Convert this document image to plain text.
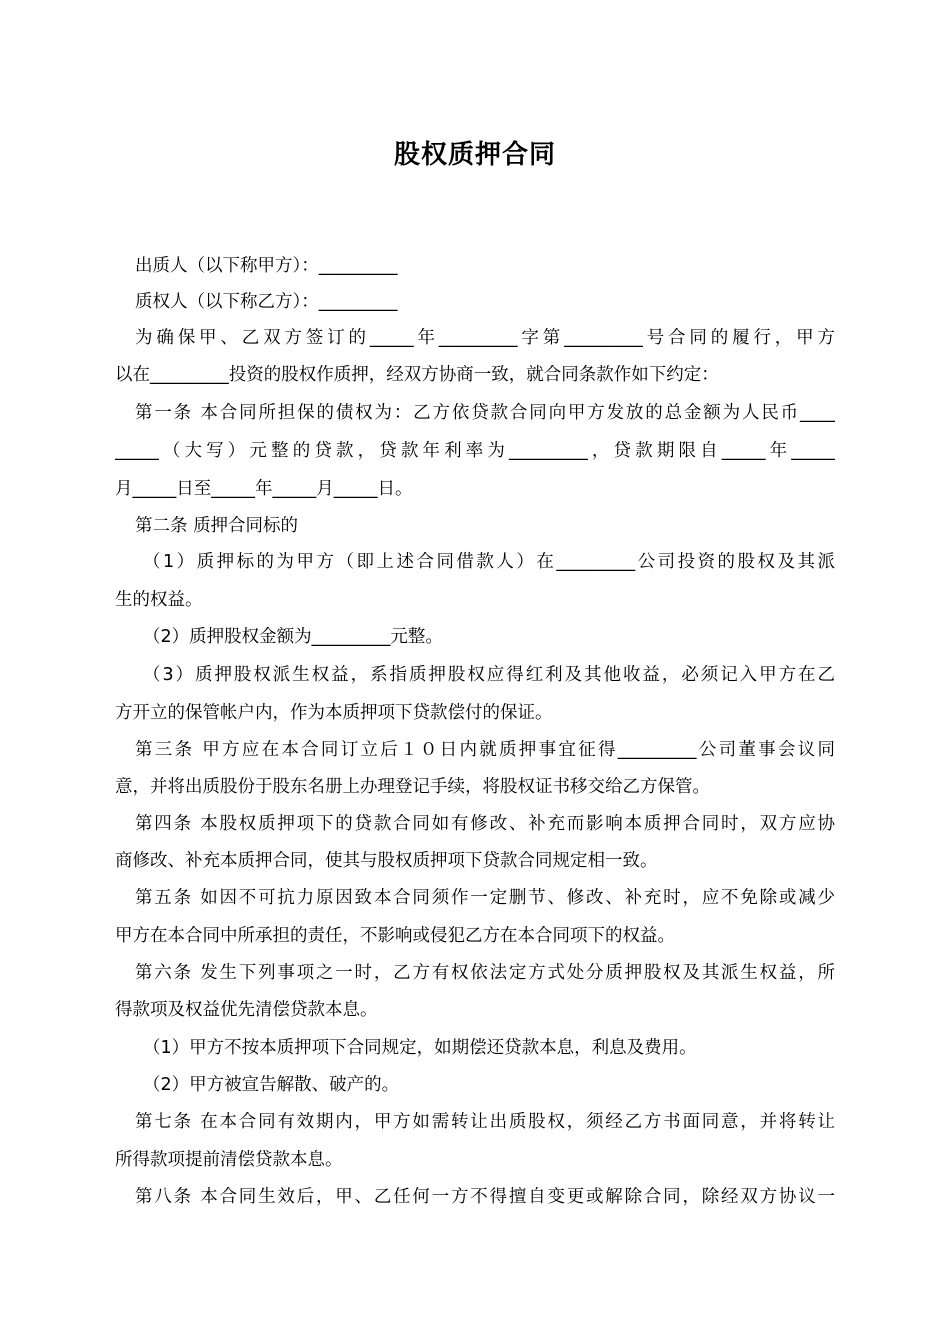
股权质押合同
出质人（以下称甲方）：_________
质权人（以下称乙方）：_________
为确保甲、乙双方签订的_____年_________字第_________号合同的履行，甲方
以在_________投资的股权作质押，经双方协商一致，就合同条款作如下约定：
第一条 本合同所担保的债权为：乙方依贷款合同向甲方发放的总金额为人民币____
_____（大写）元整的贷款，贷款年利率为_________，贷款期限自_____年_____
月_____日至_____年_____月_____日。
第二条 质押合同标的
（1）质押标的为甲方（即上述合同借款人）在_________公司投资的股权及其派
生的权益。
（2）质押股权金额为_________元整。
（3）质押股权派生权益，系指质押股权应得红利及其他收益，必须记入甲方在乙
方开立的保管帐户内，作为本质押项下贷款偿付的保证。
第三条 甲方应在本合同订立后１０日内就质押事宜征得_________公司董事会议同
意，并将出质股份于股东名册上办理登记手续，将股权证书移交给乙方保管。
第四条 本股权质押项下的贷款合同如有修改、补充而影响本质押合同时，双方应协
商修改、补充本质押合同，使其与股权质押项下贷款合同规定相一致。
第五条 如因不可抗力原因致本合同须作一定删节、修改、补充时，应不免除或减少
甲方在本合同中所承担的责任，不影响或侵犯乙方在本合同项下的权益。
第六条 发生下列事项之一时，乙方有权依法定方式处分质押股权及其派生权益，所
得款项及权益优先清偿贷款本息。
（1）甲方不按本质押项下合同规定，如期偿还贷款本息，利息及费用。
（2）甲方被宣告解散、破产的。
第七条 在本合同有效期内，甲方如需转让出质股权，须经乙方书面同意，并将转让
所得款项提前清偿贷款本息。
第八条 本合同生效后，甲、乙任何一方不得擅自变更或解除合同，除经双方协议一
